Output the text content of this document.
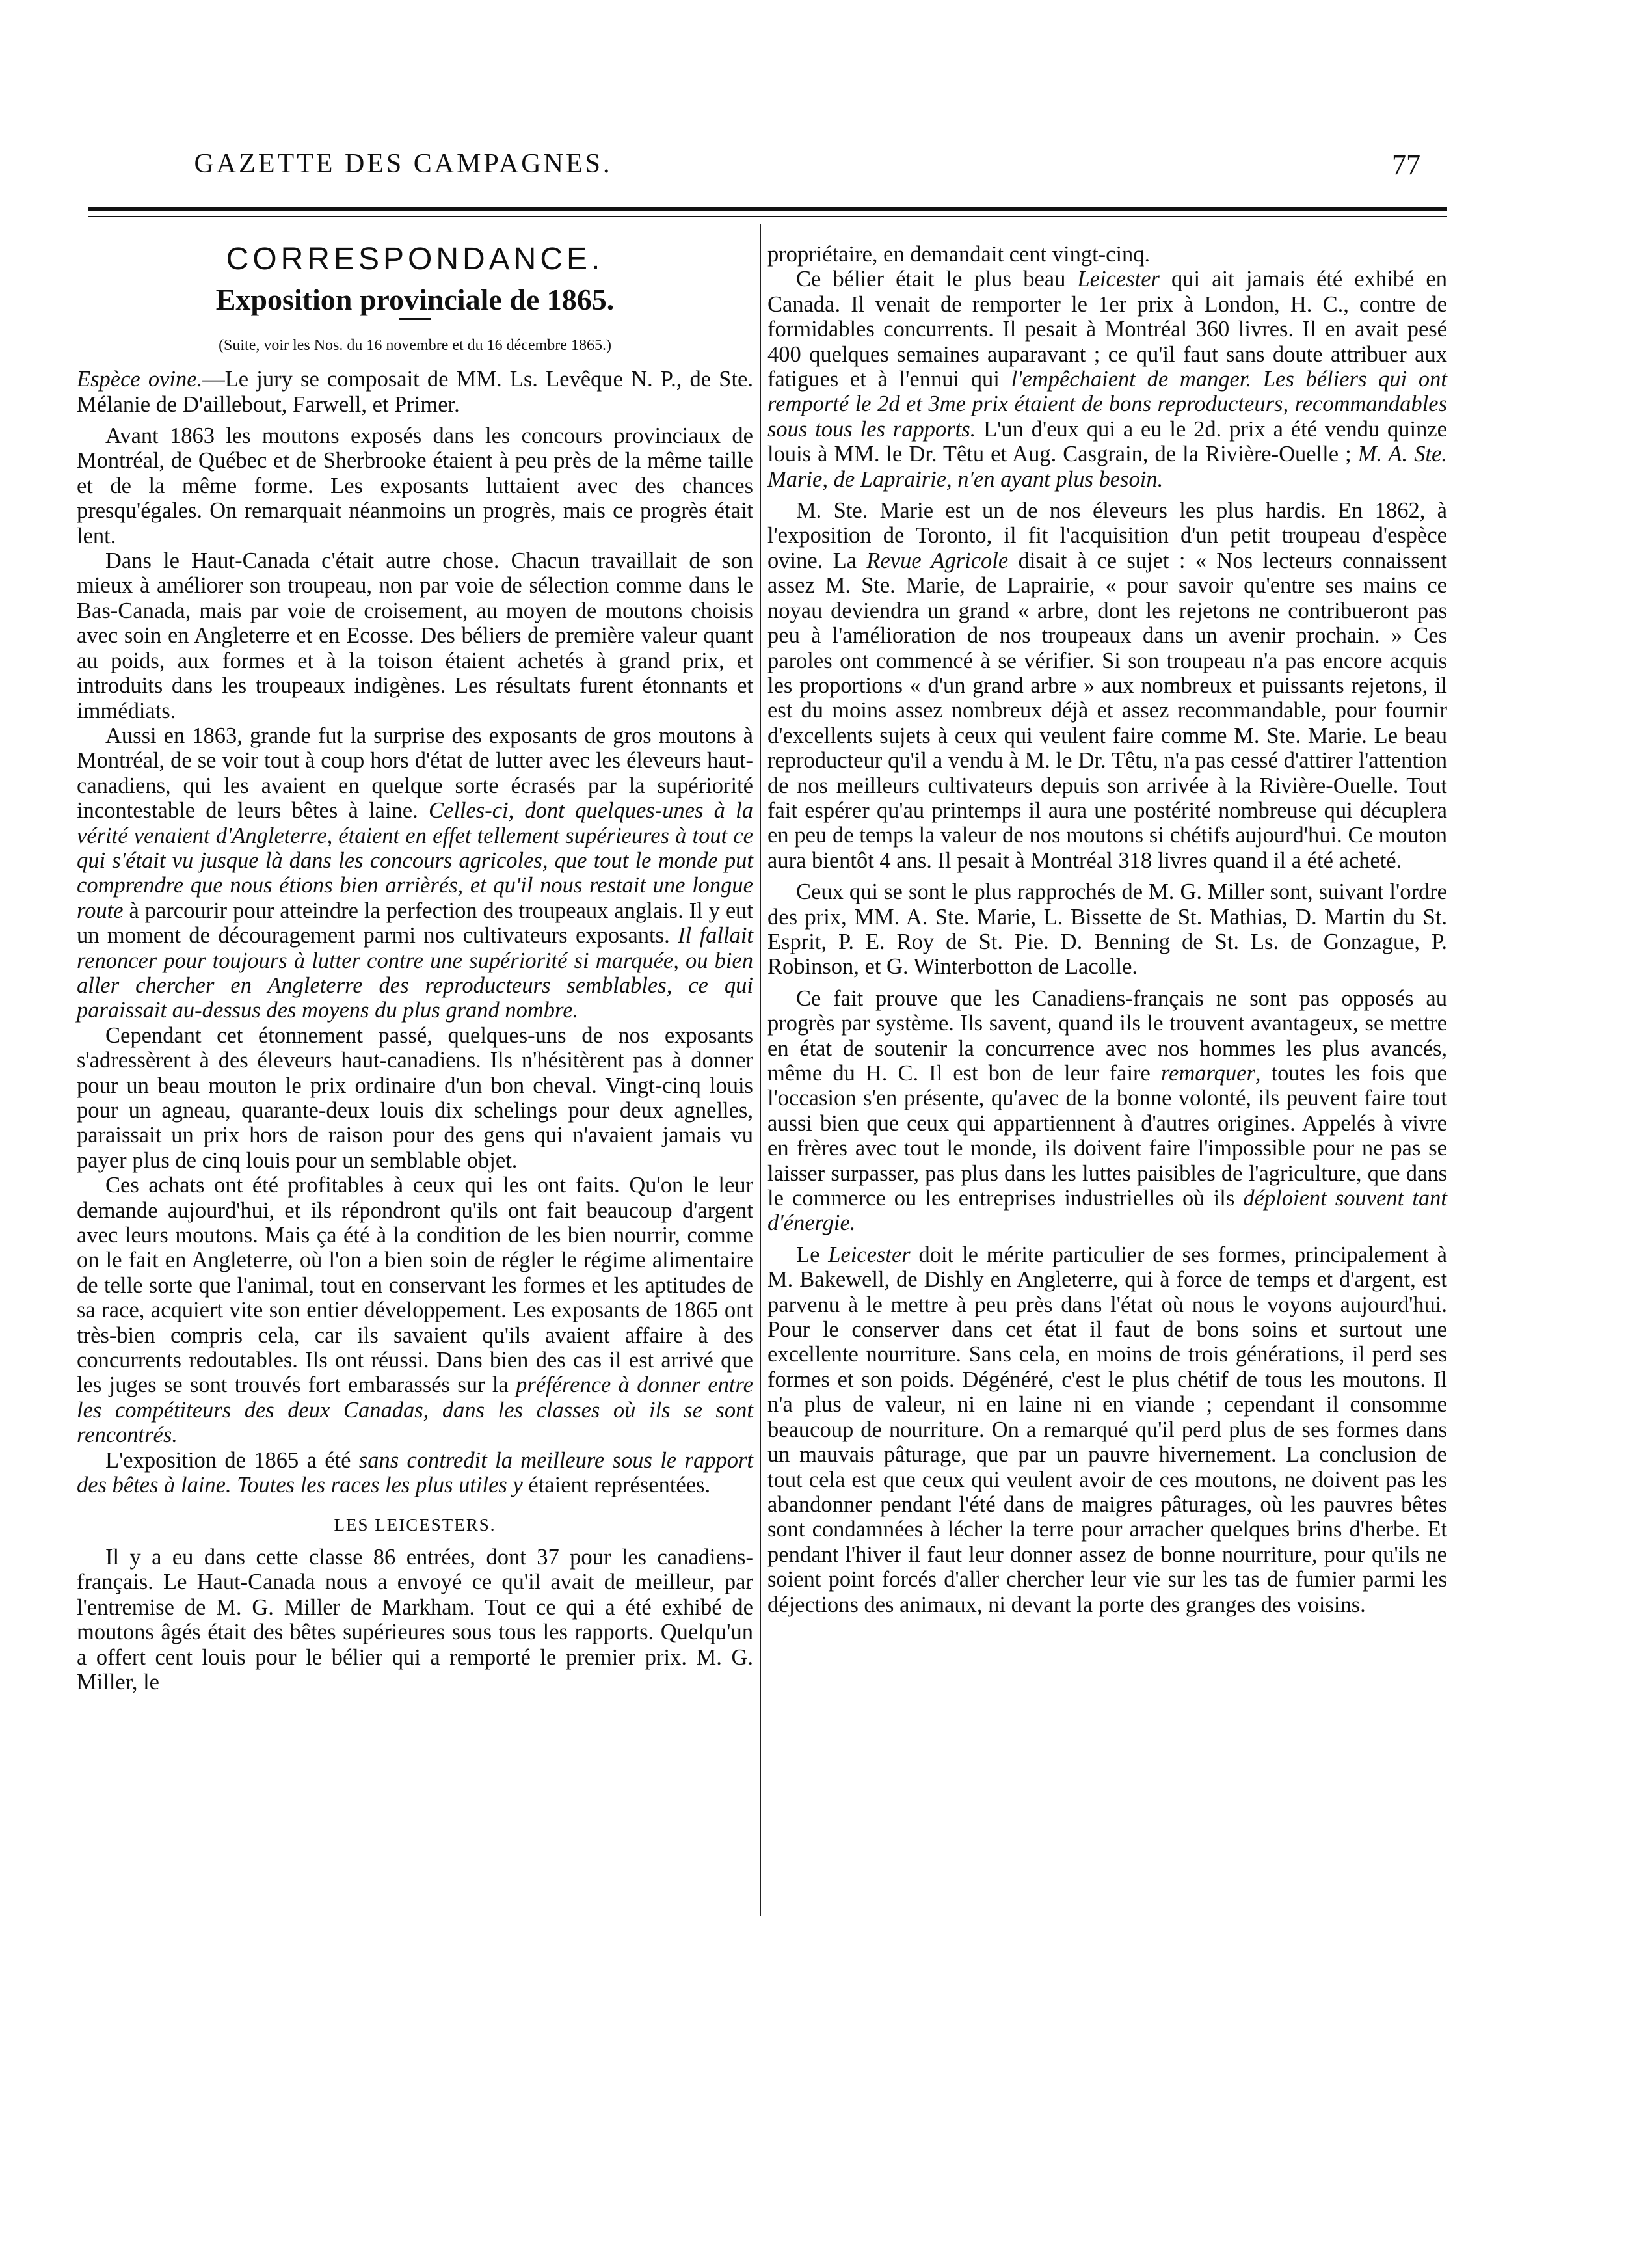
GAZETTE DES CAMPAGNES.	77
CORRESPONDANCE.
Exposition provinciale de 1865.
(Suite, voir les Nos. du 16 novembre et du 16 décembre 1865.)

Espèce ovine.—Le jury se composait de MM. Ls. Levêque N. P., de Ste. Mélanie de D'aillebout, Farwell, et Primer.

Avant 1863 les moutons exposés dans les concours provinciaux de Montréal, de Québec et de Sherbrooke étaient à peu près de la même taille et de la même forme. Les exposants luttaient avec des chances presqu'égales. On remarquait néanmoins un progrès, mais ce progrès était lent.

Dans le Haut-Canada c'était autre chose. Chacun travaillait de son mieux à améliorer son troupeau, non par voie de sélection comme dans le Bas-Canada, mais par voie de croisement, au moyen de moutons choisis avec soin en Angleterre et en Ecosse. Des béliers de première valeur quant au poids, aux formes et à la toison étaient achetés à grand prix, et introduits dans les troupeaux indigènes. Les résultats furent étonnants et immédiats.

Aussi en 1863, grande fut la surprise des exposants de gros moutons à Montréal, de se voir tout à coup hors d'état de lutter avec les éleveurs haut-canadiens, qui les avaient en quelque sorte écrasés par la supériorité incontestable de leurs bêtes à laine. Celles-ci, dont quelques-unes à la vérité venaient d'Angleterre, étaient en effet tellement supérieures à tout ce qui s'était vu jusque là dans les concours agricoles, que tout le monde put comprendre que nous étions bien arrièrés, et qu'il nous restait une longue route à parcourir pour atteindre la perfection des troupeaux anglais. Il y eut un moment de découragement parmi nos cultivateurs exposants. Il fallait renoncer pour toujours à lutter contre une supériorité si marquée, ou bien aller chercher en Angleterre des reproducteurs semblables, ce qui paraissait au-dessus des moyens du plus grand nombre.

Cependant cet étonnement passé, quelques-uns de nos exposants s'adressèrent à des éleveurs haut-canadiens. Ils n'hésitèrent pas à donner pour un beau mouton le prix ordinaire d'un bon cheval. Vingt-cinq louis pour un agneau, quarante-deux louis dix schelings pour deux agnelles, paraissait un prix hors de raison pour des gens qui n'avaient jamais vu payer plus de cinq louis pour un semblable objet.

Ces achats ont été profitables à ceux qui les ont faits. Qu'on le leur demande aujourd'hui, et ils répondront qu'ils ont fait beaucoup d'argent avec leurs moutons. Mais ça été à la condition de les bien nourrir, comme on le fait en Angleterre, où l'on a bien soin de régler le régime alimentaire de telle sorte que l'animal, tout en conservant les formes et les aptitudes de sa race, acquiert vite son entier développement. Les exposants de 1865 ont très-bien compris cela, car ils savaient qu'ils avaient affaire à des concurrents redoutables. Ils ont réussi. Dans bien des cas il est arrivé que les juges se sont trouvés fort embarassés sur la préférence à donner entre les compétiteurs des deux Canadas, dans les classes où ils se sont rencontrés.

L'exposition de 1865 a été sans contredit la meilleure sous le rapport des bêtes à laine. Toutes les races les plus utiles y étaient représentées.

LES LEICESTERS.

Il y a eu dans cette classe 86 entrées, dont 37 pour les canadiens-français. Le Haut-Canada nous a envoyé ce qu'il avait de meilleur, par l'entremise de M. G. Miller de Markham. Tout ce qui a été exhibé de moutons âgés était des bêtes supérieures sous tous les rapports. Quelqu'un a offert cent louis pour le bélier qui a remporté le premier prix. M. G. Miller, le

propriétaire, en demandait cent vingt-cinq.

Ce bélier était le plus beau Leicester qui ait jamais été exhibé en Canada. Il venait de remporter le 1er prix à London, H. C., contre de formidables concurrents. Il pesait à Montréal 360 livres. Il en avait pesé 400 quelques semaines auparavant ; ce qu'il faut sans doute attribuer aux fatigues et à l'ennui qui l'empêchaient de manger. Les béliers qui ont remporté le 2d et 3me prix étaient de bons reproducteurs, recommandables sous tous les rapports. L'un d'eux qui a eu le 2d. prix a été vendu quinze louis à MM. le Dr. Têtu et Aug. Casgrain, de la Rivière-Ouelle ; M. A. Ste. Marie, de Laprairie, n'en ayant plus besoin.

M. Ste. Marie est un de nos éleveurs les plus hardis. En 1862, à l'exposition de Toronto, il fit l'acquisition d'un petit troupeau d'espèce ovine. La Revue Agricole disait à ce sujet : « Nos lecteurs connaissent assez M. Ste. Marie, de Laprairie, « pour savoir qu'entre ses mains ce noyau deviendra un grand « arbre, dont les rejetons ne contribueront pas peu à l'amélioration de nos troupeaux dans un avenir prochain. » Ces paroles ont commencé à se vérifier. Si son troupeau n'a pas encore acquis les proportions « d'un grand arbre » aux nombreux et puissants rejetons, il est du moins assez nombreux déjà et assez recommandable, pour fournir d'excellents sujets à ceux qui veulent faire comme M. Ste. Marie. Le beau reproducteur qu'il a vendu à M. le Dr. Têtu, n'a pas cessé d'attirer l'attention de nos meilleurs cultivateurs depuis son arrivée à la Rivière-Ouelle. Tout fait espérer qu'au printemps il aura une postérité nombreuse qui décuplera en peu de temps la valeur de nos moutons si chétifs aujourd'hui. Ce mouton aura bientôt 4 ans. Il pesait à Montréal 318 livres quand il a été acheté.

Ceux qui se sont le plus rapprochés de M. G. Miller sont, suivant l'ordre des prix, MM. A. Ste. Marie, L. Bissette de St. Mathias, D. Martin du St. Esprit, P. E. Roy de St. Pie. D. Benning de St. Ls. de Gonzague, P. Robinson, et G. Winterbotton de Lacolle.

Ce fait prouve que les Canadiens-français ne sont pas opposés au progrès par système. Ils savent, quand ils le trouvent avantageux, se mettre en état de soutenir la concurrence avec nos hommes les plus avancés, même du H. C. Il est bon de leur faire remarquer, toutes les fois que l'occasion s'en présente, qu'avec de la bonne volonté, ils peuvent faire tout aussi bien que ceux qui appartiennent à d'autres origines. Appelés à vivre en frères avec tout le monde, ils doivent faire l'impossible pour ne pas se laisser surpasser, pas plus dans les luttes paisibles de l'agriculture, que dans le commerce ou les entreprises industrielles où ils déploient souvent tant d'énergie.

Le Leicester doit le mérite particulier de ses formes, principalement à M. Bakewell, de Dishly en Angleterre, qui à force de temps et d'argent, est parvenu à le mettre à peu près dans l'état où nous le voyons aujourd'hui. Pour le conserver dans cet état il faut de bons soins et surtout une excellente nourriture. Sans cela, en moins de trois générations, il perd ses formes et son poids. Dégénéré, c'est le plus chétif de tous les moutons. Il n'a plus de valeur, ni en laine ni en viande ; cependant il consomme beaucoup de nourriture. On a remarqué qu'il perd plus de ses formes dans un mauvais pâturage, que par un pauvre hivernement. La conclusion de tout cela est que ceux qui veulent avoir de ces moutons, ne doivent pas les abandonner pendant l'été dans de maigres pâturages, où les pauvres bêtes sont condamnées à lécher la terre pour arracher quelques brins d'herbe. Et pendant l'hiver il faut leur donner assez de bonne nourriture, pour qu'ils ne soient point forcés d'aller chercher leur vie sur les tas de fumier parmi les déjections des animaux, ni devant la porte des granges des voisins.
